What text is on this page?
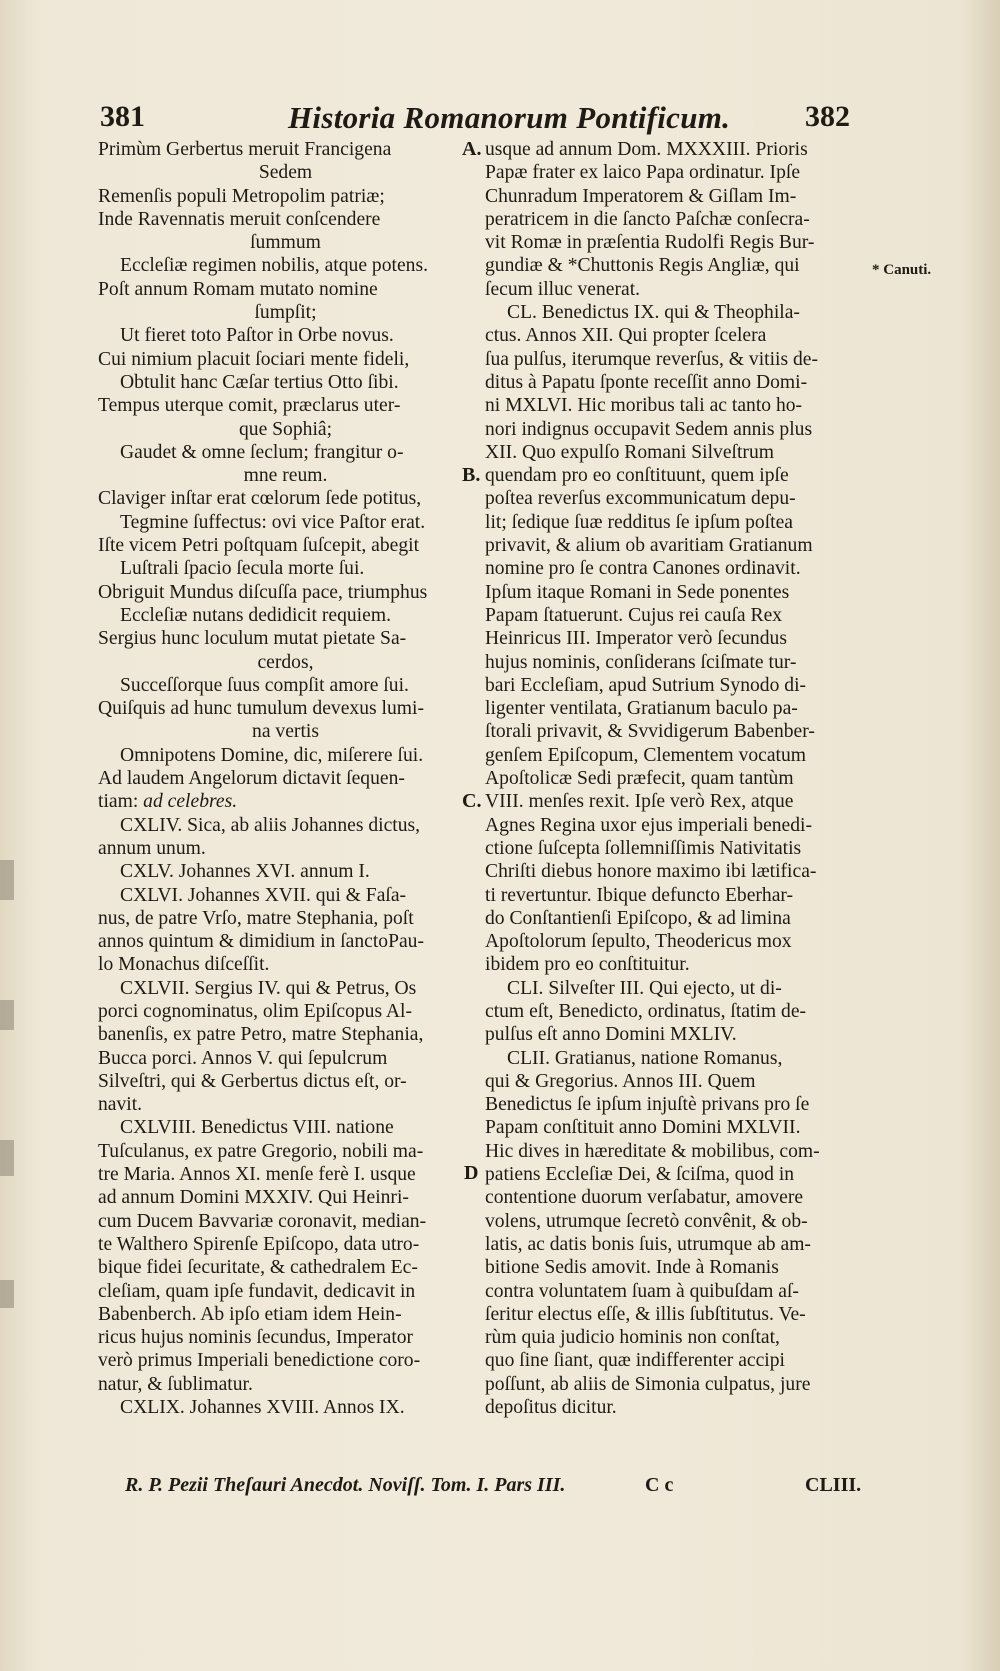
381	Historia Romanorum Pontificum. 382
Primùm Gerbertus meruit Francigena
Sedem
Remenſis populi Metropolim patriæ;
Inde Ravennatis meruit conſcendere
ſummum
Eccleſiæ regimen nobilis, atque potens.
Poſt annum Romam mutato nomine
ſumpſit;
Ut fieret toto Paſtor in Orbe novus.
Cui nimium placuit ſociari mente fideli,
Obtulit hanc Cæſar tertius Otto ſibi.
Tempus uterque comit, præclarus uter-
que Sophiâ;
Gaudet & omne ſeclum; frangitur o-
mne reum.
Claviger inſtar erat cœlorum ſede potitus,
Tegmine ſuffectus: ovi vice Paſtor erat.
Iſte vicem Petri poſtquam ſuſcepit, abegit
Luſtrali ſpacio ſecula morte ſui.
Obriguit Mundus diſcuſſa pace, triumphus
Eccleſiæ nutans dedidicit requiem.
Sergius hunc loculum mutat pietate Sa-
cerdos,
Succeſſorque ſuus compſit amore ſui.
Quiſquis ad hunc tumulum devexus lumi-
na vertis
Omnipotens Domine, dic, miſerere ſui.
Ad laudem Angelorum dictavit ſequen-
tiam: ad celebres.
CXLIV. Sica, ab aliis Johannes dictus,
annum unum.
CXLV. Johannes XVI. annum I.
CXLVI. Johannes XVII. qui & Faſa-
nus, de patre Vrſo, matre Stephania, poſt
annos quintum & dimidium in ſanctoPau-
lo Monachus diſceſſit.
CXLVII. Sergius IV. qui & Petrus, Os
porci cognominatus, olim Epiſcopus Al-
banenſis, ex patre Petro, matre Stephania,
Bucca porci. Annos V. qui ſepulcrum
Silveſtri, qui & Gerbertus dictus eſt, or-
navit.
CXLVIII. Benedictus VIII. natione
Tuſculanus, ex patre Gregorio, nobili ma-
tre Maria. Annos XI. menſe ferè I. usque
ad annum Domini MXXIV. Qui Heinri-
cum Ducem Bavvariæ coronavit, median-
te Walthero Spirenſe Epiſcopo, data utro-
bique fidei ſecuritate, & cathedralem Ec-
cleſiam, quam ipſe fundavit, dedicavit in
Babenberch. Ab ipſo etiam idem Hein-
ricus hujus nominis ſecundus, Imperator
verò primus Imperiali benedictione coro-
natur, & ſublimatur.
CXLIX. Johannes XVIII. Annos IX.
usque ad annum Dom. MXXXIII. Prioris
Papæ frater ex laico Papa ordinatur. Ipſe
Chunradum Imperatorem & Giſlam Im-
peratricem in die ſancto Paſchæ conſecra-
vit Romæ in præſentia Rudolfi Regis Bur-
gundiæ & *Chuttonis Regis Angliæ, qui
ſecum illuc venerat.
CL. Benedictus IX. qui & Theophila-
ctus. Annos XII. Qui propter ſcelera
ſua pulſus, iterumque reverſus, & vitiis de-
ditus à Papatu ſponte receſſit anno Domi-
ni MXLVI. Hic moribus tali ac tanto ho-
nori indignus occupavit Sedem annis plus
XII. Quo expulſo Romani Silveſtrum
quendam pro eo conſtituunt, quem ipſe
poſtea reverſus excommunicatum depu-
lit; ſedique ſuæ redditus ſe ipſum poſtea
privavit, & alium ob avaritiam Gratianum
nomine pro ſe contra Canones ordinavit.
Ipſum itaque Romani in Sede ponentes
Papam ſtatuerunt. Cujus rei cauſa Rex
Heinricus III. Imperator verò ſecundus
hujus nominis, conſiderans ſciſmate tur-
bari Eccleſiam, apud Sutrium Synodo di-
ligenter ventilata, Gratianum baculo pa-
ſtorali privavit, & Svvidigerum Babenber-
genſem Epiſcopum, Clementem vocatum
Apoſtolicæ Sedi præfecit, quam tantùm
VIII. menſes rexit. Ipſe verò Rex, atque
Agnes Regina uxor ejus imperiali benedi-
ctione ſuſcepta ſollemniſſimis Nativitatis
Chriſti diebus honore maximo ibi lætifica-
ti revertuntur. Ibique defuncto Eberhar-
do Conſtantienſi Epiſcopo, & ad limina
Apoſtolorum ſepulto, Theodericus mox
ibidem pro eo conſtituitur.
CLI. Silveſter III. Qui ejecto, ut di-
ctum eſt, Benedicto, ordinatus, ſtatim de-
pulſus eſt anno Domini MXLIV.
CLII. Gratianus, natione Romanus,
qui & Gregorius. Annos III. Quem
Benedictus ſe ipſum injuſtè privans pro ſe
Papam conſtituit anno Domini MXLVII.
Hic dives in hæreditate & mobilibus, com-
patiens Eccleſiæ Dei, & ſciſma, quod in
contentione duorum verſabatur, amovere
volens, utrumque ſecretò convênit, & ob-
latis, ac datis bonis ſuis, utrumque ab am-
bitione Sedis amovit. Inde à Romanis
contra voluntatem ſuam à quibuſdam aſ-
ſeritur electus eſſe, & illis ſubſtitutus. Ve-
rùm quia judicio hominis non conſtat,
quo ſine ſiant, quæ indifferenter accipi
poſſunt, ab aliis de Simonia culpatus, jure
depoſitus dicitur.
A.
B.
C.
D
* Canuti.
R. P. Pezii Theſauri Anecdot. Noviſſ. Tom. I. Pars III.	C c	CLIII.
